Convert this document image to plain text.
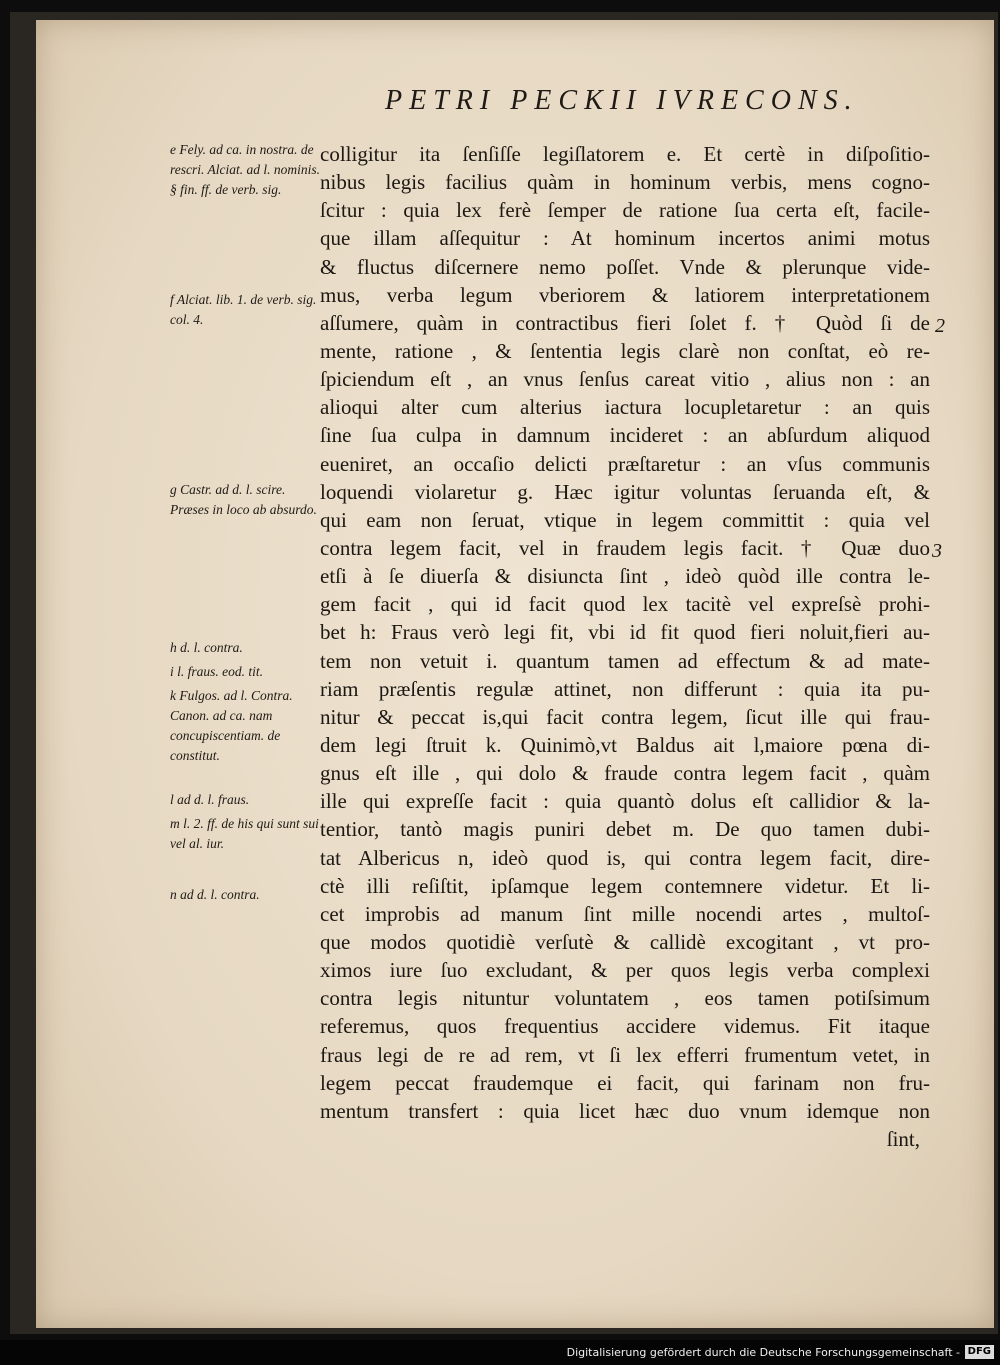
PETRI PECKII IVRECONS.

e Fely. ad ca. in nostra. de rescri. Alciat. ad l. nominis. § fin. ff. de verb. sig.

f Alciat. lib. 1. de verb. sig. col. 4.

g Castr. ad d. l. scire. Præses in loco ab absurdo.

h d. l. contra.

i l. fraus. eod. tit.

k Fulgos. ad l. Contra. Canon. ad ca. nam concupiscentiam. de constitut.

l ad d. l. fraus.

m l. 2. ff. de his qui sunt sui vel al. iur.

n ad d. l. contra.

colligitur ita ſenſiſſe legiſlatorem e. Et certè in diſpoſitio-
nibus legis facilius quàm in hominum verbis, mens cogno-
ſcitur : quia lex ferè ſemper de ratione ſua certa eſt, facile-
que illam aſſequitur : At hominum incertos animi motus
& fluctus diſcernere nemo poſſet. Vnde & plerunque vide-
mus, verba legum vberiorem & latiorem interpretationem
aſſumere, quàm in contractibus fieri ſolet f. † Quòd ſi de
mente, ratione , & ſententia legis clarè non conſtat, eò re-
ſpiciendum eſt , an vnus ſenſus careat vitio , alius non : an
alioqui alter cum alterius iactura locupletaretur : an quis
ſine ſua culpa in damnum incideret : an abſurdum aliquod
eueniret, an occaſio delicti præſtaretur : an vſus communis
loquendi violaretur g. Hæc igitur voluntas ſeruanda eſt, &
qui eam non ſeruat, vtique in legem committit : quia vel
contra legem facit, vel in fraudem legis facit. † Quæ duo
etſi à ſe diuerſa & disiuncta ſint , ideò quòd ille contra le-
gem facit , qui id facit quod lex tacitè vel expreſsè prohi-
bet h: Fraus verò legi fit, vbi id fit quod fieri noluit,fieri au-
tem non vetuit i. quantum tamen ad effectum & ad mate-
riam præſentis regulæ attinet, non differunt : quia ita pu-
nitur & peccat is,qui facit contra legem, ſicut ille qui frau-
dem legi ſtruit k. Quinimò,vt Baldus ait l,maiore pœna di-
gnus eſt ille , qui dolo & fraude contra legem facit , quàm
ille qui expreſſe facit : quia quantò dolus eſt callidior & la-
tentior, tantò magis puniri debet m. De quo tamen dubi-
tat Albericus n, ideò quod is, qui contra legem facit, dire-
ctè illi reſiſtit, ipſamque legem contemnere videtur. Et li-
cet improbis ad manum ſint mille nocendi artes , multoſ-
que modos quotidiè verſutè & callidè excogitant , vt pro-
ximos iure ſuo excludant, & per quos legis verba complexi
contra legis nituntur voluntatem , eos tamen potiſsimum
referemus, quos frequentius accidere videmus. Fit itaque
fraus legi de re ad rem, vt ſi lex efferri frumentum vetet, in
legem peccat fraudemque ei facit, qui farinam non fru-
mentum transfert : quia licet hæc duo vnum idemque non
ſint,
2
3
Digitalisierung gefördert durch die Deutsche Forschungsgemeinschaft - DFG
